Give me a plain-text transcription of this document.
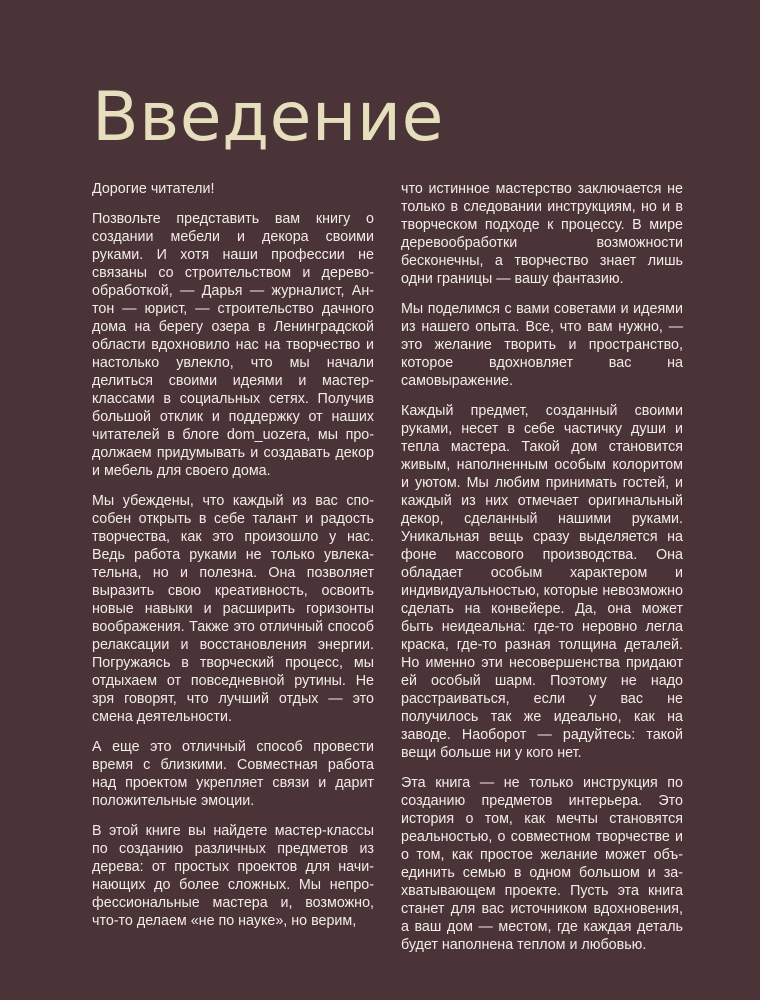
Введение

Дорогие читатели!

Позвольте представить вам книгу о создании мебели и декора своими руками. И хотя наши профессии не связаны со строительством и деревообработкой, — Дарья — журналист, Антон — юрист, — строительство дачного дома на берегу озера в Ленинградской области вдохновило нас на творчество и настолько увлекло, что мы начали делиться своими идеями и мастер-классами в социальных сетях. Получив большой отклик и поддержку от наших читателей в блоге dom_uozera, мы продолжаем придумывать и создавать декор и мебель для своего дома.

Мы убеждены, что каждый из вас способен открыть в себе талант и радость творчества, как это произошло у нас. Ведь работа руками не только увлекательна, но и полезна. Она позволяет выразить свою креативность, освоить новые навыки и расширить горизонты воображения. Также это отличный способ релаксации и восстановления энергии. Погружаясь в творческий процесс, мы отдыхаем от повседневной рутины. Не зря говорят, что лучший отдых — это смена деятельности.

А еще это отличный способ провести время с близкими. Совместная работа над проектом укрепляет связи и дарит положительные эмоции.

В этой книге вы найдете мастер-классы по созданию различных предметов из дерева: от простых проектов для начинающих до более сложных. Мы непрофессиональные мастера и, возможно, что-то делаем «не по науке», но верим,

что истинное мастерство заключается не только в следовании инструкциям, но и в творческом подходе к процессу. В мире деревообработки возможности бесконечны, а творчество знает лишь одни границы — вашу фантазию.

Мы поделимся с вами советами и идеями из нашего опыта. Все, что вам нужно, — это желание творить и пространство, которое вдохновляет вас на самовыражение.

Каждый предмет, созданный своими руками, несет в себе частичку души и тепла мастера. Такой дом становится живым, наполненным особым колоритом и уютом. Мы любим принимать гостей, и каждый из них отмечает оригинальный декор, сделанный нашими руками. Уникальная вещь сразу выделяется на фоне массового производства. Она обладает особым характером и индивидуальностью, которые невозможно сделать на конвейере. Да, она может быть неидеальна: где-то неровно легла краска, где-то разная толщина деталей. Но именно эти несовершенства придают ей особый шарм. Поэтому не надо расстраиваться, если у вас не получилось так же идеально, как на заводе. Наоборот — радуйтесь: такой вещи больше ни у кого нет.

Эта книга — не только инструкция по созданию предметов интерьера. Это история о том, как мечты становятся реальностью, о совместном творчестве и о том, как простое желание может объединить семью в одном большом и захватывающем проекте. Пусть эта книга станет для вас источником вдохновения, а ваш дом — местом, где каждая деталь будет наполнена теплом и любовью.
